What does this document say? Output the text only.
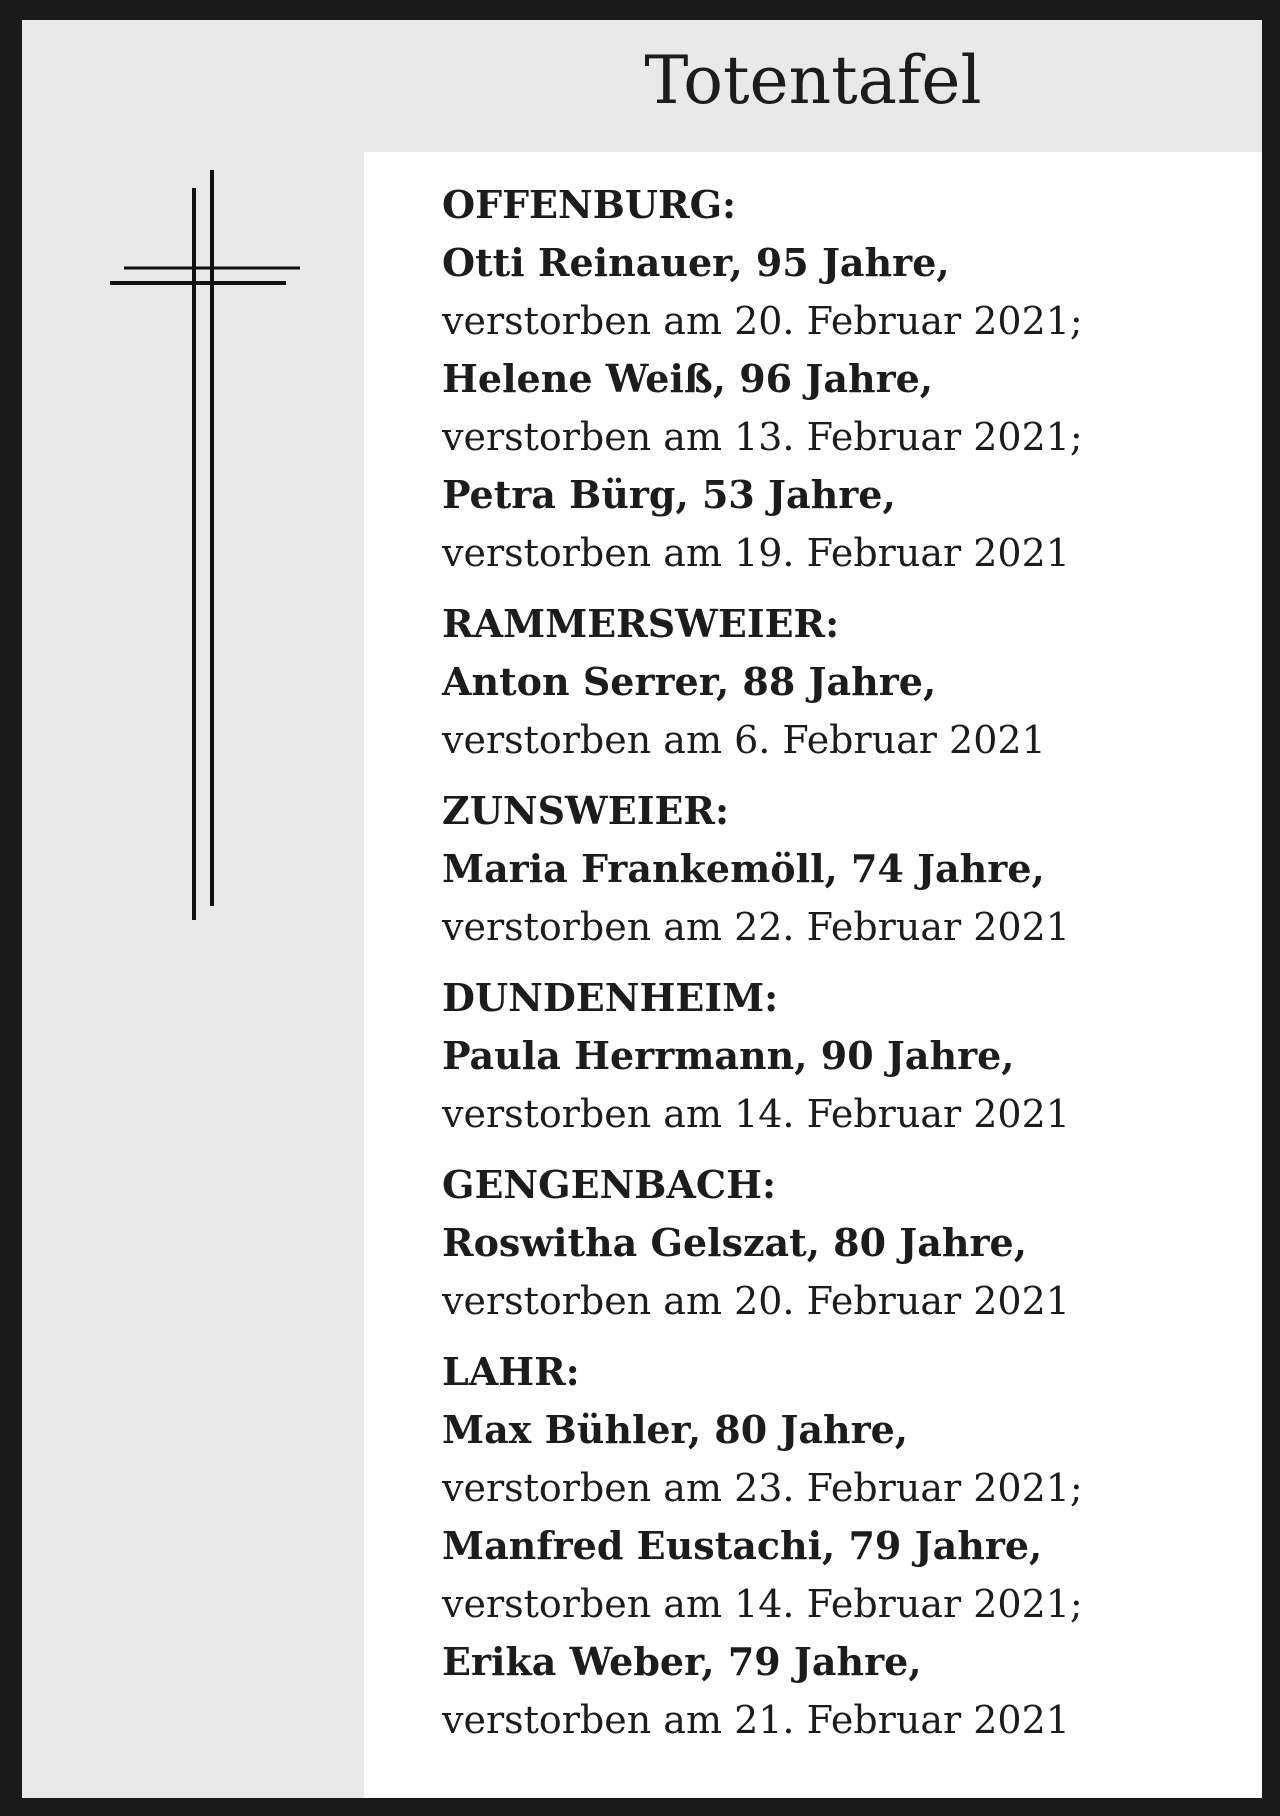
Totentafel
OFFENBURG:
Otti Reinauer, 95 Jahre,
verstorben am 20. Februar 2021;
Helene Weiß, 96 Jahre,
verstorben am 13. Februar 2021;
Petra Bürg, 53 Jahre,
verstorben am 19. Februar 2021
RAMMERSWEIER:
Anton Serrer, 88 Jahre,
verstorben am 6. Februar 2021
ZUNSWEIER:
Maria Frankemöll, 74 Jahre,
verstorben am 22. Februar 2021
DUNDENHEIM:
Paula Herrmann, 90 Jahre,
verstorben am 14. Februar 2021
GENGENBACH:
Roswitha Gelszat, 80 Jahre,
verstorben am 20. Februar 2021
LAHR:
Max Bühler, 80 Jahre,
verstorben am 23. Februar 2021;
Manfred Eustachi, 79 Jahre,
verstorben am 14. Februar 2021;
Erika Weber, 79 Jahre,
verstorben am 21. Februar 2021
